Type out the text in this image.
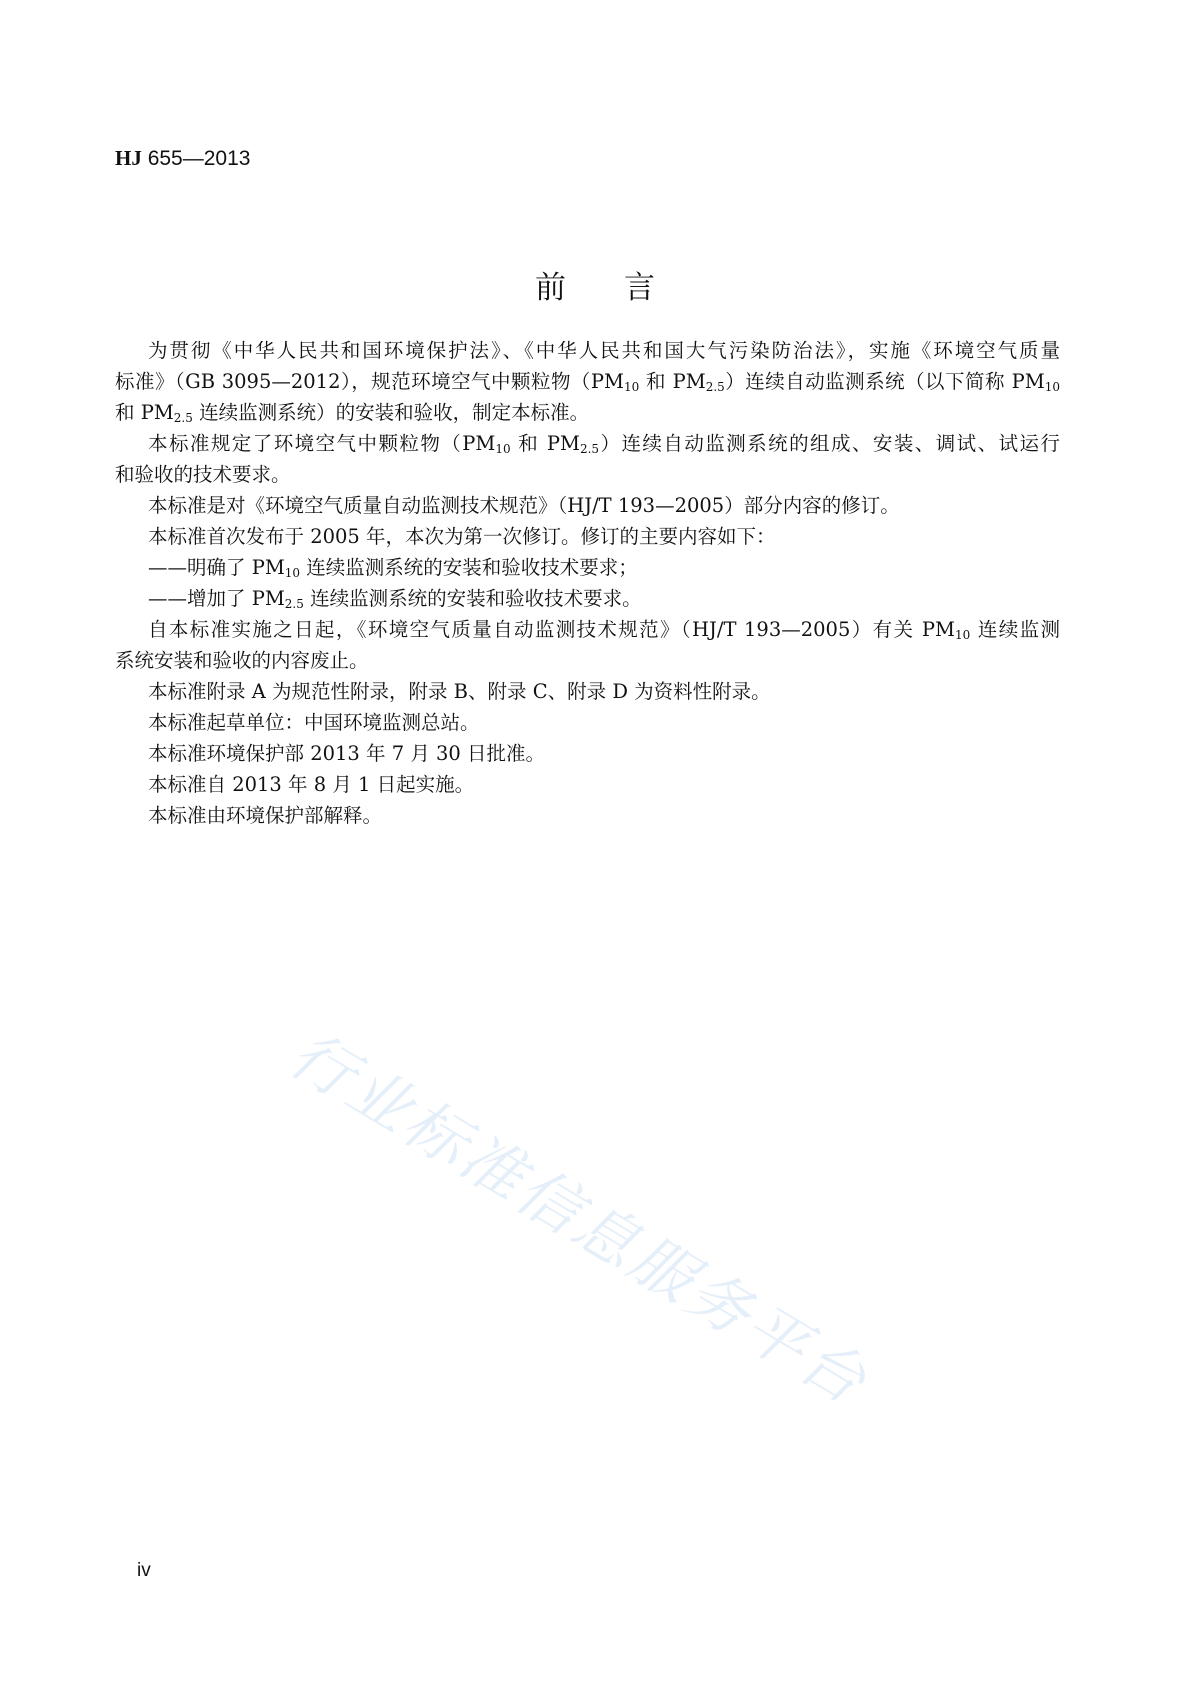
HJ 655—2013
前言
为贯彻《中华人民共和国环境保护法》、《中华人民共和国大气污染防治法》，实施《环境空气质量
标准》（GB 3095—2012），规范环境空气中颗粒物（$PM_{10}$ 和 $PM_{2.5}$）连续自动监测系统（以下简称 $PM_{10}$
和 $PM_{2.5}$ 连续监测系统）的安装和验收，制定本标准。
本标准规定了环境空气中颗粒物（$PM_{10}$ 和 $PM_{2.5}$）连续自动监测系统的组成、安装、调试、试运行
和验收的技术要求。
本标准是对《环境空气质量自动监测技术规范》（HJ/T 193—2005）部分内容的修订。
本标准首次发布于 2005 年，本次为第一次修订。修订的主要内容如下：
——明确了 $PM_{10}$ 连续监测系统的安装和验收技术要求；
——增加了 $PM_{2.5}$ 连续监测系统的安装和验收技术要求。
自本标准实施之日起，《环境空气质量自动监测技术规范》（HJ/T 193—2005）有关 $PM_{10}$ 连续监测
系统安装和验收的内容废止。
本标准附录 A 为规范性附录，附录 B、附录 C、附录 D 为资料性附录。
本标准起草单位：中国环境监测总站。
本标准环境保护部 2013 年 7 月 30 日批准。
本标准自 2013 年 8 月 1 日起实施。
本标准由环境保护部解释。
行业标准信息服务平台
iv
